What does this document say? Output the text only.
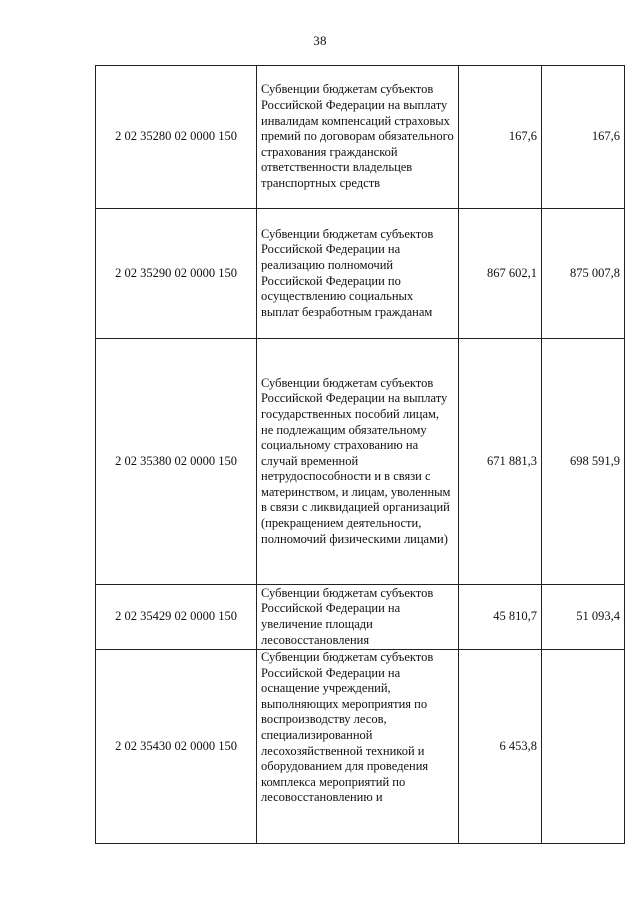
38
2 02 35280 02 0000 150	Субвенции бюджетам субъектов Российской Федерации на выплату инвалидам компенсаций страховых премий по договорам обязательного страхования гражданской ответственности владельцев транспортных средств	167,6	167,6
2 02 35290 02 0000 150	Субвенции бюджетам субъектов Российской Федерации на реализацию полномочий Российской Федерации по осуществлению социальных выплат безработным гражданам	867 602,1	875 007,8
2 02 35380 02 0000 150	Субвенции бюджетам субъектов Российской Федерации на выплату государственных пособий лицам, не подлежащим обязательному социальному страхованию на случай временной нетрудоспособности и в связи с материнством, и лицам, уволенным в связи с ликвидацией организаций (прекращением деятельности, полномочий физическими лицами)	671 881,3	698 591,9
2 02 35429 02 0000 150	Субвенции бюджетам субъектов Российской Федерации на увеличение площади лесовосстановления	45 810,7	51 093,4
2 02 35430 02 0000 150	Субвенции бюджетам субъектов Российской Федерации на оснащение учреждений, выполняющих мероприятия по воспроизводству лесов, специализированной лесохозяйственной техникой и оборудованием для проведения комплекса мероприятий по лесовосстановлению и	6 453,8	
